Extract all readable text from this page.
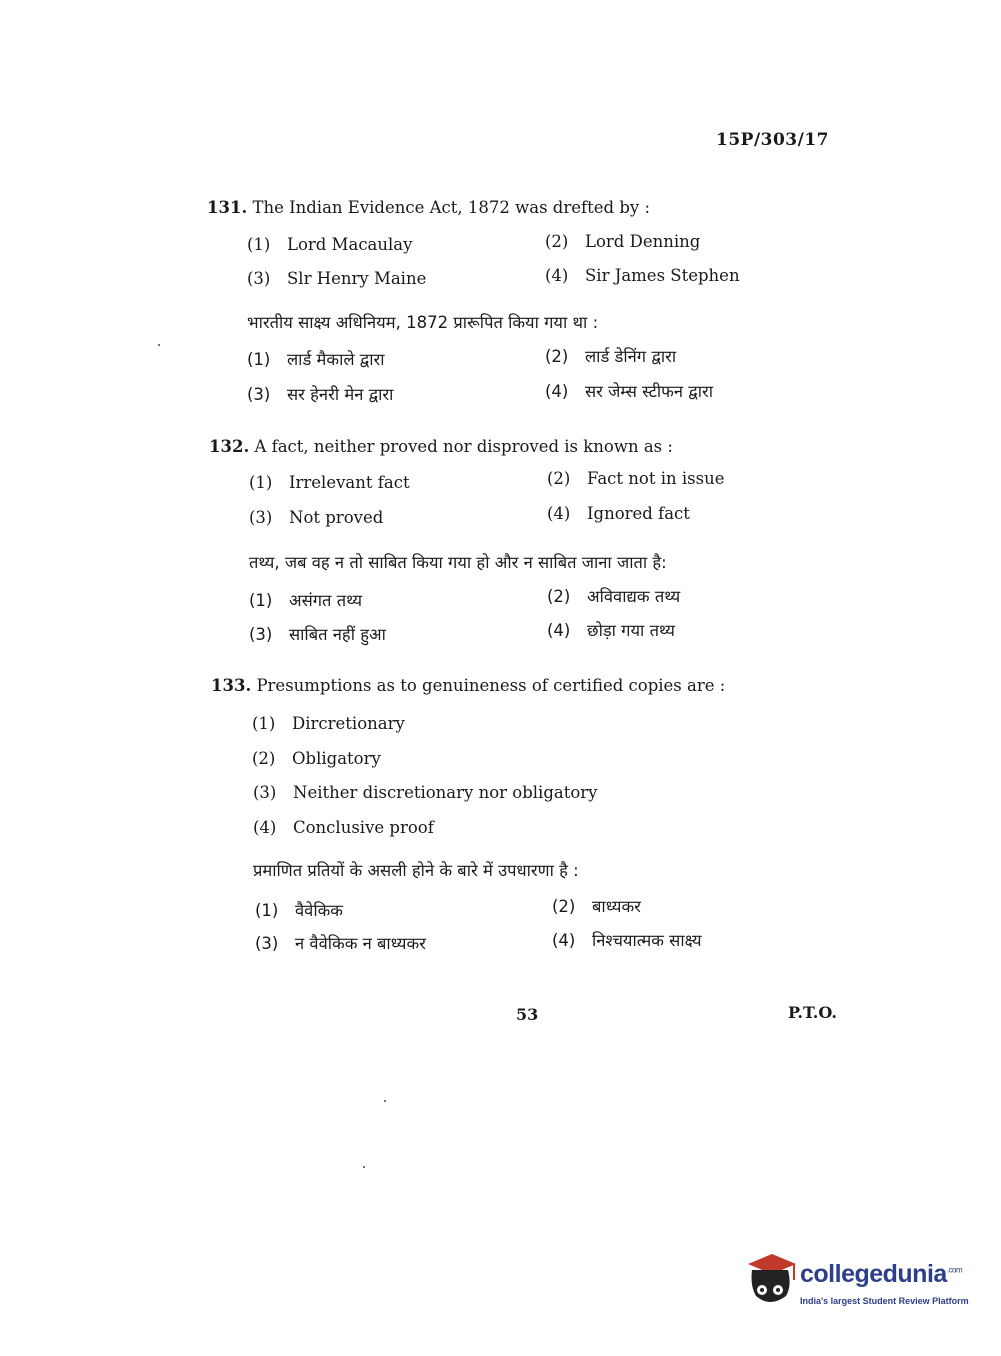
15P/303/17
131. The Indian Evidence Act, 1872 was drefted by :
(1) Lord Macaulay	(2) Lord Denning
(3) Slr Henry Maine	(4) Sir James Stephen
भारतीय साक्ष्य अधिनियम, 1872 प्रारूपित किया गया था :
(1) लार्ड मैकाले द्वारा	(2) लार्ड डेनिंग द्वारा
(3) सर हेनरी मेन द्वारा	(4) सर जेम्स स्टीफन द्वारा
132. A fact, neither proved nor disproved is known as :
(1) Irrelevant fact	(2) Fact not in issue
(3) Not proved	(4) Ignored fact
तथ्य, जब वह न तो साबित किया गया हो और न साबित जाना जाता है:
(1) असंगत तथ्य	(2) अविवाद्यक तथ्य
(3) साबित नहीं हुआ	(4) छोड़ा गया तथ्य
133. Presumptions as to genuineness of certified copies are :
(1) Dircretionary
(2) Obligatory
(3) Neither discretionary nor obligatory
(4) Conclusive proof
प्रमाणित प्रतियों के असली होने के बारे में उपधारणा है :
(1) वैवेकिक	(2) बाध्यकर
(3) न वैवेकिक न बाध्यकर	(4) निश्चयात्मक साक्ष्य
53	P.T.O.
collegedunia$^{.com}$
India's largest Student Review Platform
